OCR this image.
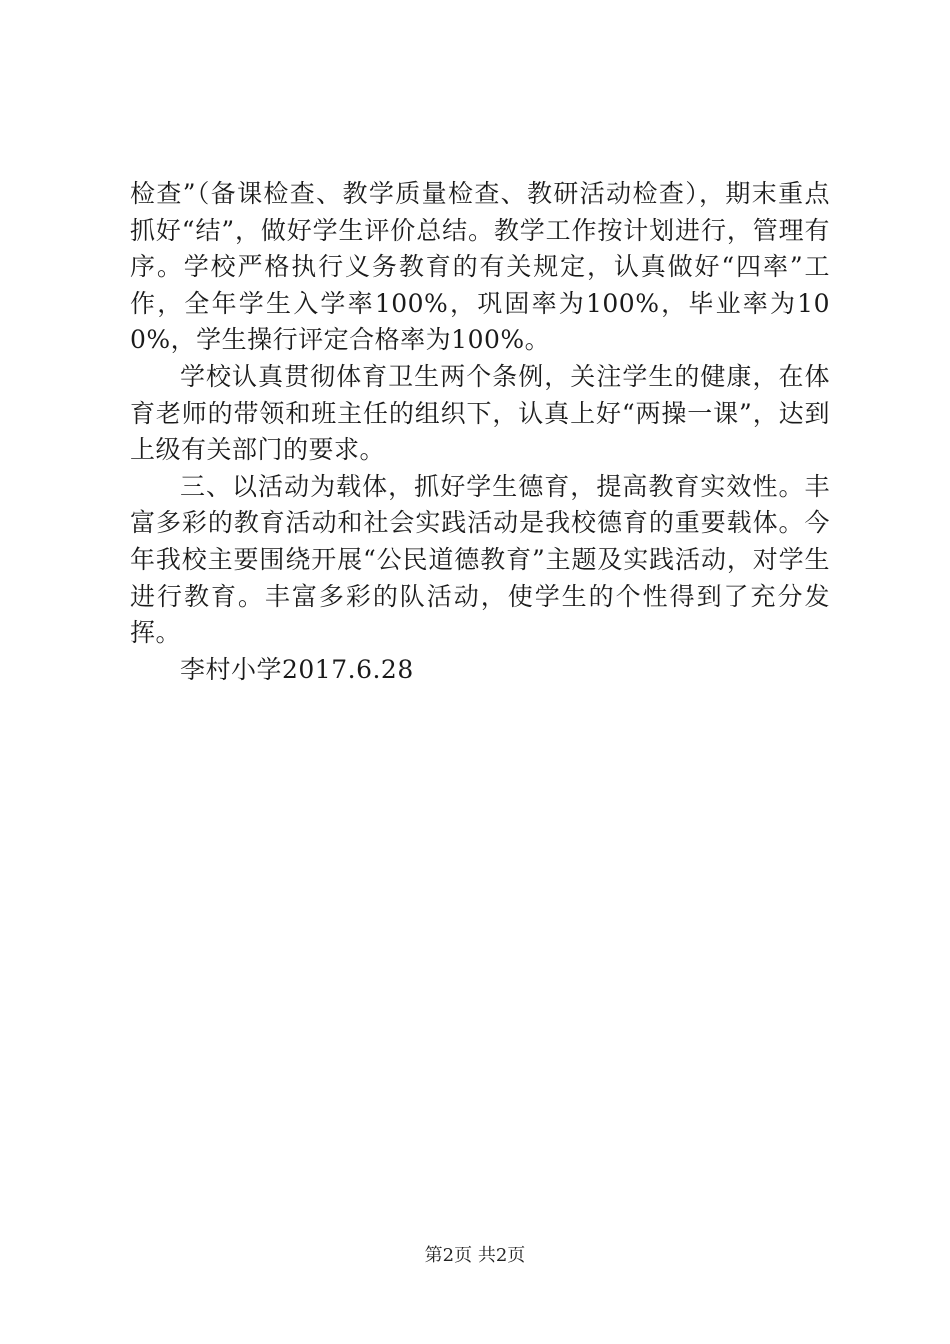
检查”（备课检查、教学质量检查、教研活动检查），期末重点抓好“结”，做好学生评价总结。教学工作按计划进行，管理有序。学校严格执行义务教育的有关规定，认真做好“四率”工作，全年学生入学率100%，巩固率为100%，毕业率为100%，学生操行评定合格率为100%。

学校认真贯彻体育卫生两个条例，关注学生的健康，在体育老师的带领和班主任的组织下，认真上好“两操一课”，达到上级有关部门的要求。

三、以活动为载体，抓好学生德育，提高教育实效性。丰富多彩的教育活动和社会实践活动是我校德育的重要载体。今年我校主要围绕开展“公民道德教育”主题及实践活动，对学生进行教育。丰富多彩的队活动，使学生的个性得到了充分发挥。

李村小学2017.6.28

第2页 共2页
